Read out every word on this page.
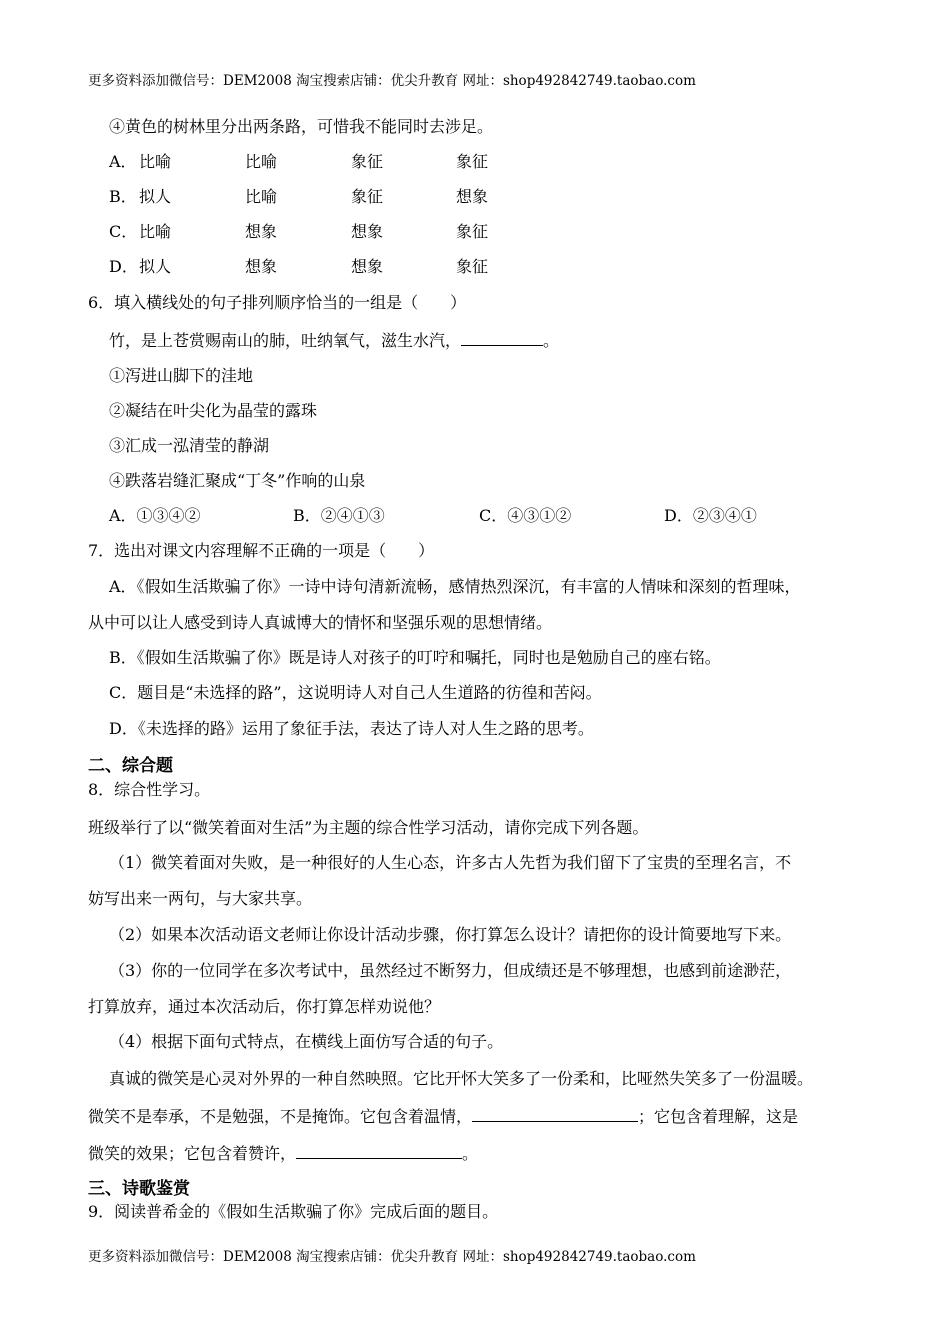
更多资料添加微信号：DEM2008 淘宝搜索店铺：优尖升教育 网址：shop492842749.taobao.com
④黄色的树林里分出两条路，可惜我不能同时去涉足。
A． 比喻	比喻	象征	象征
B． 拟人	比喻	象征	想象
C． 比喻	想象	想象	象征
D． 拟人	想象	想象	象征
6．填入横线处的句子排列顺序恰当的一组是（　　）
竹，是上苍赏赐南山的肺，吐纳氧气，滋生水汽，	。
①泻进山脚下的洼地
②凝结在叶尖化为晶莹的露珠
③汇成一泓清莹的静湖
④跌落岩缝汇聚成“丁冬”作响的山泉
A．①③④②	B．②④①③	C．④③①②	D．②③④①
7．选出对课文内容理解不正确的一项是（　　）
A．《假如生活欺骗了你》一诗中诗句清新流畅，感情热烈深沉，有丰富的人情味和深刻的哲理味，
从中可以让人感受到诗人真诚博大的情怀和坚强乐观的思想情绪。
B．《假如生活欺骗了你》既是诗人对孩子的叮咛和嘱托，同时也是勉励自己的座右铭。
C．题目是“未选择的路”，这说明诗人对自己人生道路的彷徨和苦闷。
D．《未选择的路》运用了象征手法，表达了诗人对人生之路的思考。
二、综合题
8．综合性学习。
班级举行了以“微笑着面对生活”为主题的综合性学习活动，请你完成下列各题。
（1）微笑着面对失败，是一种很好的人生心态，许多古人先哲为我们留下了宝贵的至理名言，不
妨写出来一两句，与大家共享。
（2）如果本次活动语文老师让你设计活动步骤，你打算怎么设计？请把你的设计简要地写下来。
（3）你的一位同学在多次考试中，虽然经过不断努力，但成绩还是不够理想，也感到前途渺茫，
打算放弃，通过本次活动后，你打算怎样劝说他？
（4）根据下面句式特点，在横线上面仿写合适的句子。
真诚的微笑是心灵对外界的一种自然映照。它比开怀大笑多了一份柔和，比哑然失笑多了一份温暖。
微笑不是奉承，不是勉强，不是掩饰。它包含着温情，	；它包含着理解，这是
微笑的效果；它包含着赞许，	。
三、诗歌鉴赏
9．阅读普希金的《假如生活欺骗了你》完成后面的题目。
更多资料添加微信号：DEM2008 淘宝搜索店铺：优尖升教育 网址：shop492842749.taobao.com
